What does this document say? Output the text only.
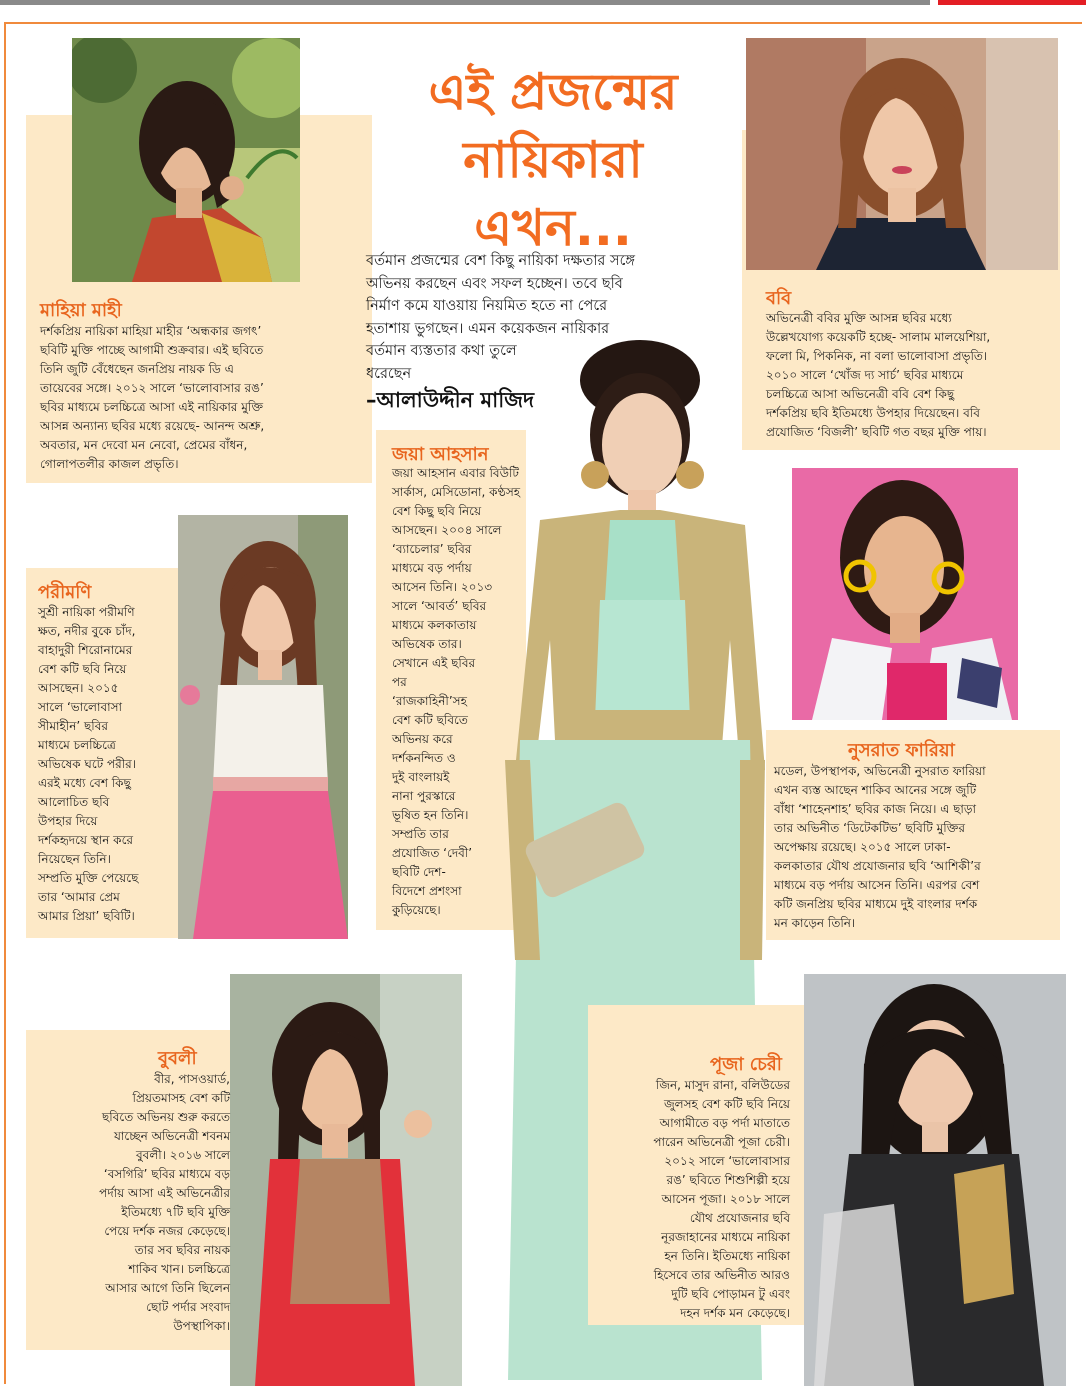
মাহিয়া মাহী
দর্শকপ্রিয় নায়িকা মাহিয়া মাহীর ‘অন্ধকার জগৎ’
ছবিটি মুক্তি পাচ্ছে আগামী শুক্রবার। এই ছবিতে
তিনি জুটি বেঁধেছেন জনপ্রিয় নায়ক ডি এ
তায়েবের সঙ্গে। ২০১২ সালে ‘ভালোবাসার রঙ’
ছবির মাধ্যমে চলচ্চিত্রে আসা এই নায়িকার মুক্তি
আসন্ন অন্যান্য ছবির মধ্যে রয়েছে- আনন্দ অশ্রু,
অবতার, মন দেবো মন নেবো, প্রেমের বাঁধন,
গোলাপতলীর কাজল প্রভৃতি।
এই প্রজন্মের
নায়িকারা
এখন...
বর্তমান প্রজন্মের বেশ কিছু নায়িকা দক্ষতার সঙ্গে
অভিনয় করছেন এবং সফল হচ্ছেন। তবে ছবি
নির্মাণ কমে যাওয়ায় নিয়মিত হতে না পেরে
হতাশায় ভুগছেন। এমন কয়েকজন নায়িকার
বর্তমান ব্যস্ততার কথা তুলে
ধরেছেন
–আলাউদ্দীন মাজিদ
ববি
অভিনেত্রী ববির মুক্তি আসন্ন ছবির মধ্যে
উল্লেখযোগ্য কয়েকটি হচ্ছে- সালাম মালয়েশিয়া,
ফলো মি, পিকনিক, না বলা ভালোবাসা প্রভৃতি।
২০১০ সালে ‘খোঁজ দ্য সার্চ’ ছবির মাধ্যমে
চলচ্চিত্রে আসা অভিনেত্রী ববি বেশ কিছু
দর্শকপ্রিয় ছবি ইতিমধ্যে উপহার দিয়েছেন। ববি
প্রযোজিত ‘বিজলী’ ছবিটি গত বছর মুক্তি পায়।
জয়া আহসান
জয়া আহসান এবার বিউটি
সার্কাস, মেসিডোনা, কণ্ঠসহ
বেশ কিছু ছবি নিয়ে
আসছেন। ২০০৪ সালে
‘ব্যাচেলার’ ছবির
মাধ্যমে বড় পর্দায়
আসেন তিনি। ২০১৩
সালে ‘আবর্ত’ ছবির
মাধ্যমে কলকাতায়
অভিষেক তার।
সেখানে এই ছবির
পর
‘রাজকাহিনী’সহ
বেশ কটি ছবিতে
অভিনয় করে
দর্শকনন্দিত ও
দুই বাংলায়ই
নানা পুরস্কারে
ভূষিত হন তিনি।
সম্প্রতি তার
প্রযোজিত ‘দেবী’
ছবিটি দেশ-
বিদেশে প্রশংসা
কুড়িয়েছে।
পরীমণি
সুশ্রী নায়িকা পরীমণি
ক্ষত, নদীর বুকে চাঁদ,
বাহাদুরী শিরোনামের
বেশ কটি ছবি নিয়ে
আসছেন। ২০১৫
সালে ‘ভালোবাসা
সীমাহীন’ ছবির
মাধ্যমে চলচ্চিত্রে
অভিষেক ঘটে পরীর।
এরই মধ্যে বেশ কিছু
আলোচিত ছবি
উপহার দিয়ে
দর্শকহৃদয়ে স্থান করে
নিয়েছেন তিনি।
সম্প্রতি মুক্তি পেয়েছে
তার ‘আমার প্রেম
আমার প্রিয়া’ ছবিটি।
নুসরাত ফারিয়া
মডেল, উপস্থাপক, অভিনেত্রী নুসরাত ফারিয়া
এখন ব্যস্ত আছেন শাকিব আনের সঙ্গে জুটি
বাঁধা ‘শাহেনশাহ’ ছবির কাজ নিয়ে। এ ছাড়া
তার অভিনীত ‘ডিটেকটিভ’ ছবিটি মুক্তির
অপেক্ষায় রয়েছে। ২০১৫ সালে ঢাকা-
কলকাতার যৌথ প্রযোজনার ছবি ‘আশিকী’র
মাধ্যমে বড় পর্দায় আসেন তিনি। এরপর বেশ
কটি জনপ্রিয় ছবির মাধ্যমে দুই বাংলার দর্শক
মন কাড়েন তিনি।
বুবলী
বীর, পাসওয়ার্ড,
প্রিয়তমাসহ বেশ কটি
ছবিতে অভিনয় শুরু করতে
যাচ্ছেন অভিনেত্রী শবনম
বুবলী। ২০১৬ সালে
‘বসগিরি’ ছবির মাধ্যমে বড়
পর্দায় আসা এই অভিনেত্রীর
ইতিমধ্যে ৭টি ছবি মুক্তি
পেয়ে দর্শক নজর কেড়েছে।
তার সব ছবির নায়ক
শাকিব খান। চলচ্চিত্রে
আসার আগে তিনি ছিলেন
ছোট পর্দার সংবাদ
উপস্থাপিকা।
পূজা চেরী
জিন, মাসুদ রানা, বলিউডের
জুলসহ বেশ কটি ছবি নিয়ে
আগামীতে বড় পর্দা মাতাতে
পারেন অভিনেত্রী পূজা চেরী।
২০১২ সালে ‘ভালোবাসার
রঙ’ ছবিতে শিশুশিল্পী হয়ে
আসেন পূজা। ২০১৮ সালে
যৌথ প্রযোজনার ছবি
নূরজাহানের মাধ্যমে নায়িকা
হন তিনি। ইতিমধ্যে নায়িকা
হিসেবে তার অভিনীত আরও
দুটি ছবি পোড়ামন টু এবং
দহন দর্শক মন কেড়েছে।
